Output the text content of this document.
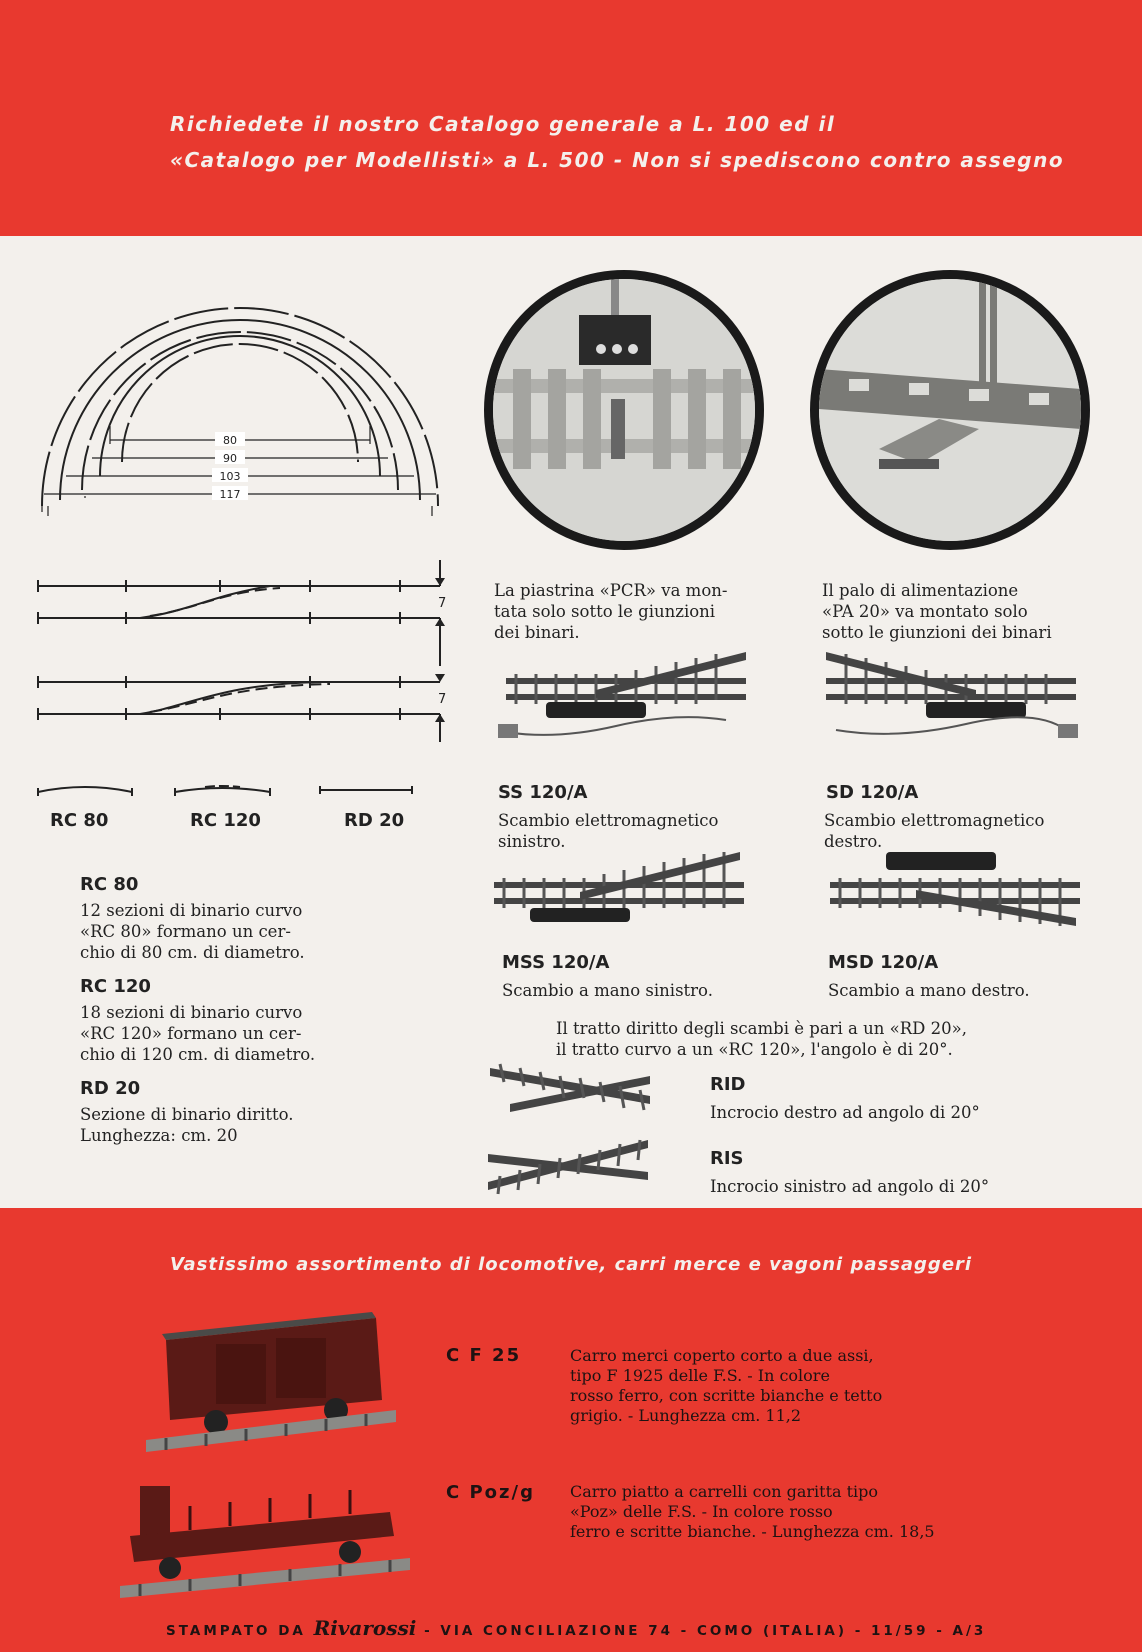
Richiedete il nostro Catalogo generale a L. 100 ed il
«Catalogo per Modellisti» a L. 500 - Non si spediscono contro assegno
80
90
103
117
7
7
RC 80	RC 120	RD 20
RC 80
12 sezioni di binario curvo
«RC 80» formano un cer-
chio di 80 cm. di diametro.
RC 120
18 sezioni di binario curvo
«RC 120» formano un cer-
chio di 120 cm. di diametro.
RD 20
Sezione di binario diritto.
Lunghezza: cm. 20
La piastrina «PCR» va mon-
tata solo sotto le giunzioni
dei binari.
Il palo di alimentazione
«PA 20» va montato solo
sotto le giunzioni dei binari
SS 120/A
Scambio elettromagnetico
sinistro.
SD 120/A
Scambio elettromagnetico
destro.
MSS 120/A
Scambio a mano sinistro.
MSD 120/A
Scambio a mano destro.
Il tratto diritto degli scambi è pari a un «RD 20»,
il tratto curvo a un «RC 120», l'angolo è di 20°.
RID
Incrocio destro ad angolo di 20°
RIS
Incrocio sinistro ad angolo di 20°
Vastissimo assortimento di locomotive, carri merce e vagoni passaggeri
C F 25	Carro merci coperto corto a due assi,
tipo F 1925 delle F.S. - In colore
rosso ferro, con scritte bianche e tetto
grigio. - Lunghezza cm. 11,2
C Poz/g Carro piatto a carrelli con garitta tipo
«Poz» delle F.S. - In colore rosso
ferro e scritte bianche. - Lunghezza cm. 18,5
STAMPATO DA Rivarossi - VIA CONCILIAZIONE 74 - COMO (ITALIA) - 11/59 - A/3
